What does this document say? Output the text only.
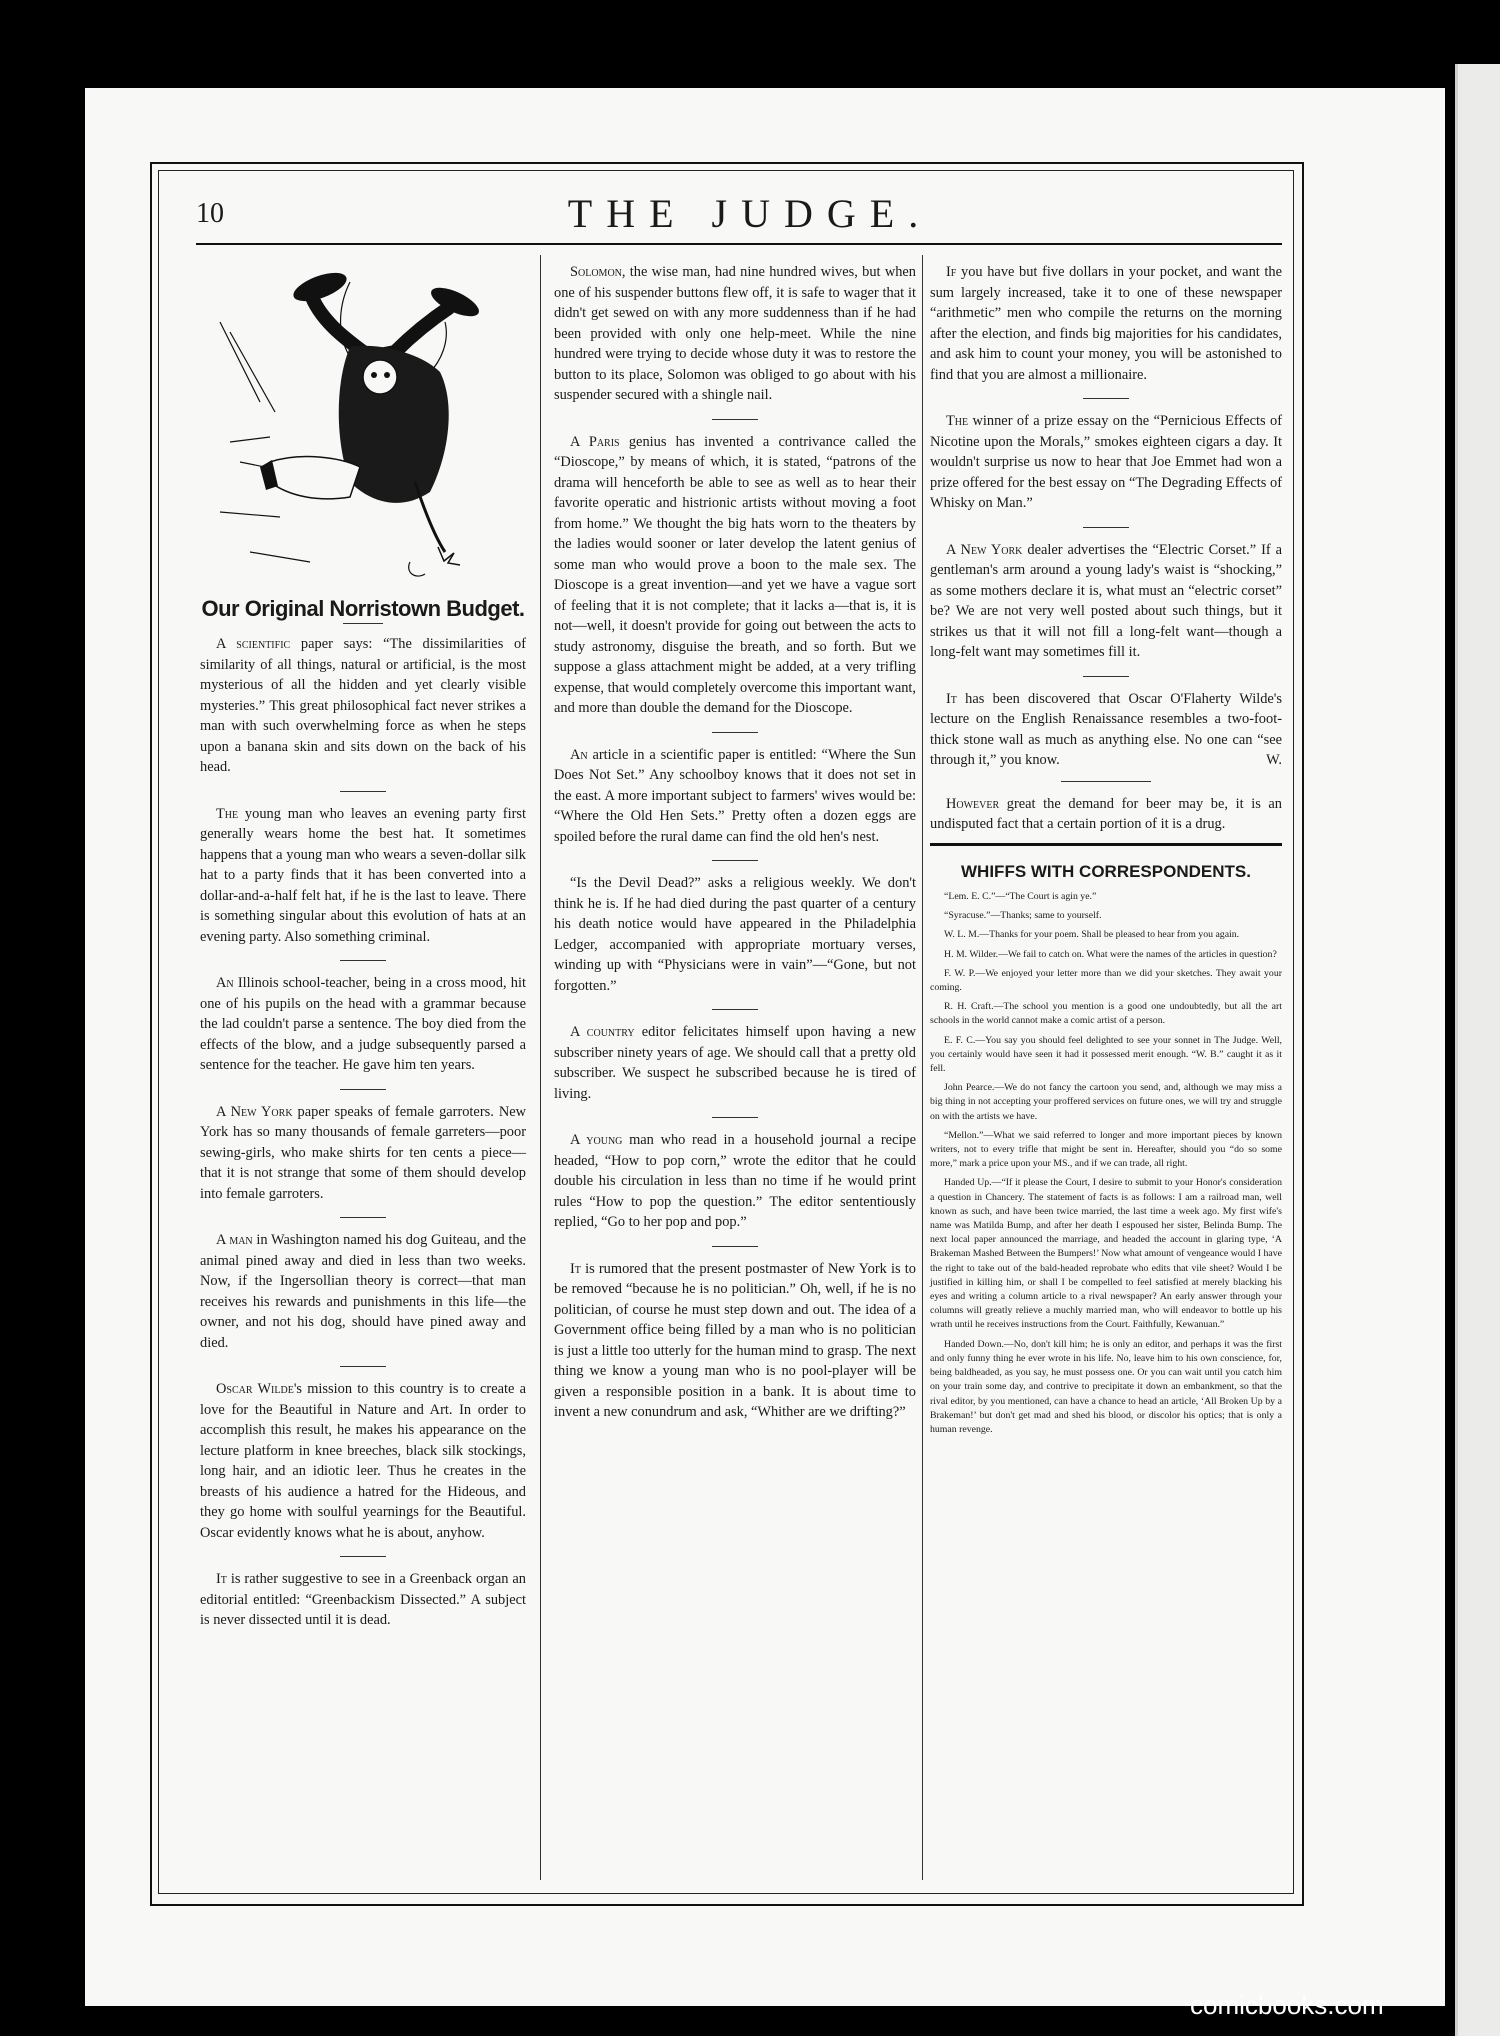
10	THE JUDGE.
Our Original Norristown Budget.

A scientific paper says: “The dissimilarities of similarity of all things, natural or artificial, is the most mysterious of all the hidden and yet clearly visible mysteries.” This great philosophical fact never strikes a man with such overwhelming force as when he steps upon a banana skin and sits down on the back of his head.

The young man who leaves an evening party first generally wears home the best hat. It sometimes happens that a young man who wears a seven-dollar silk hat to a party finds that it has been converted into a dollar-and-a-half felt hat, if he is the last to leave. There is something singular about this evolution of hats at an evening party. Also something criminal.

An Illinois school-teacher, being in a cross mood, hit one of his pupils on the head with a grammar because the lad couldn't parse a sentence. The boy died from the effects of the blow, and a judge subsequently parsed a sentence for the teacher. He gave him ten years.

A New York paper speaks of female garroters. New York has so many thousands of female garreters—poor sewing-girls, who make shirts for ten cents a piece—that it is not strange that some of them should develop into female garroters.

A man in Washington named his dog Guiteau, and the animal pined away and died in less than two weeks. Now, if the Ingersollian theory is correct—that man receives his rewards and punishments in this life—the owner, and not his dog, should have pined away and died.

Oscar Wilde's mission to this country is to create a love for the Beautiful in Nature and Art. In order to accomplish this result, he makes his appearance on the lecture platform in knee breeches, black silk stockings, long hair, and an idiotic leer. Thus he creates in the breasts of his audience a hatred for the Hideous, and they go home with soulful yearnings for the Beautiful. Oscar evidently knows what he is about, anyhow.

It is rather suggestive to see in a Greenback organ an editorial entitled: “Greenbackism Dissected.” A subject is never dissected until it is dead.

Solomon, the wise man, had nine hundred wives, but when one of his suspender buttons flew off, it is safe to wager that it didn't get sewed on with any more suddenness than if he had been provided with only one help-meet. While the nine hundred were trying to decide whose duty it was to restore the button to its place, Solomon was obliged to go about with his suspender secured with a shingle nail.

A Paris genius has invented a contrivance called the “Dioscope,” by means of which, it is stated, “patrons of the drama will henceforth be able to see as well as to hear their favorite operatic and histrionic artists without moving a foot from home.” We thought the big hats worn to the theaters by the ladies would sooner or later develop the latent genius of some man who would prove a boon to the male sex. The Dioscope is a great invention—and yet we have a vague sort of feeling that it is not complete; that it lacks a—that is, it is not—well, it doesn't provide for going out between the acts to study astronomy, disguise the breath, and so forth. But we suppose a glass attachment might be added, at a very trifling expense, that would completely overcome this important want, and more than double the demand for the Dioscope.

An article in a scientific paper is entitled: “Where the Sun Does Not Set.” Any schoolboy knows that it does not set in the east. A more important subject to farmers' wives would be: “Where the Old Hen Sets.” Pretty often a dozen eggs are spoiled before the rural dame can find the old hen's nest.

“Is the Devil Dead?” asks a religious weekly. We don't think he is. If he had died during the past quarter of a century his death notice would have appeared in the Philadelphia Ledger, accompanied with appropriate mortuary verses, winding up with “Physicians were in vain”—“Gone, but not forgotten.”

A country editor felicitates himself upon having a new subscriber ninety years of age. We should call that a pretty old subscriber. We suspect he subscribed because he is tired of living.

A young man who read in a household journal a recipe headed, “How to pop corn,” wrote the editor that he could double his circulation in less than no time if he would print rules “How to pop the question.” The editor sententiously replied, “Go to her pop and pop.”

It is rumored that the present postmaster of New York is to be removed “because he is no politician.” Oh, well, if he is no politician, of course he must step down and out. The idea of a Government office being filled by a man who is no politician is just a little too utterly for the human mind to grasp. The next thing we know a young man who is no pool-player will be given a responsible position in a bank. It is about time to invent a new conundrum and ask, “Whither are we drifting?”

If you have but five dollars in your pocket, and want the sum largely increased, take it to one of these newspaper “arithmetic” men who compile the returns on the morning after the election, and finds big majorities for his candidates, and ask him to count your money, you will be astonished to find that you are almost a millionaire.

The winner of a prize essay on the “Pernicious Effects of Nicotine upon the Morals,” smokes eighteen cigars a day. It wouldn't surprise us now to hear that Joe Emmet had won a prize offered for the best essay on “The Degrading Effects of Whisky on Man.”

A New York dealer advertises the “Electric Corset.” If a gentleman's arm around a young lady's waist is “shocking,” as some mothers declare it is, what must an “electric corset” be? We are not very well posted about such things, but it strikes us that it will not fill a long-felt want—though a long-felt want may sometimes fill it.

It has been discovered that Oscar O'Flaherty Wilde's lecture on the English Renaissance resembles a two-foot-thick stone wall as much as anything else. No one can “see through it,” you know.	W.

However great the demand for beer may be, it is an undisputed fact that a certain portion of it is a drug.

WHIFFS WITH CORRESPONDENTS.

“Lem. E. C.”—“The Court is agin ye.”

“Syracuse.”—Thanks; same to yourself.

W. L. M.—Thanks for your poem. Shall be pleased to hear from you again.

H. M. Wilder.—We fail to catch on. What were the names of the articles in question?

F. W. P.—We enjoyed your letter more than we did your sketches. They await your coming.

R. H. Craft.—The school you mention is a good one undoubtedly, but all the art schools in the world cannot make a comic artist of a person.

E. F. C.—You say you should feel delighted to see your sonnet in The Judge. Well, you certainly would have seen it had it possessed merit enough. “W. B.” caught it as it fell.

John Pearce.—We do not fancy the cartoon you send, and, although we may miss a big thing in not accepting your proffered services on future ones, we will try and struggle on with the artists we have.

“Mellon.”—What we said referred to longer and more important pieces by known writers, not to every trifle that might be sent in. Hereafter, should you “do so some more,” mark a price upon your MS., and if we can trade, all right.

Handed Up.—“If it please the Court, I desire to submit to your Honor's consideration a question in Chancery. The statement of facts is as follows: I am a railroad man, well known as such, and have been twice married, the last time a week ago. My first wife's name was Matilda Bump, and after her death I espoused her sister, Belinda Bump. The next local paper announced the marriage, and headed the account in glaring type, ‘A Brakeman Mashed Between the Bumpers!’ Now what amount of vengeance would I have the right to take out of the bald-headed reprobate who edits that vile sheet? Would I be justified in killing him, or shall I be compelled to feel satisfied at merely blacking his eyes and writing a column article to a rival newspaper? An early answer through your columns will greatly relieve a muchly married man, who will endeavor to bottle up his wrath until he receives instructions from the Court. Faithfully, Kewanuan.”

Handed Down.—No, don't kill him; he is only an editor, and perhaps it was the first and only funny thing he ever wrote in his life. No, leave him to his own conscience, for, being baldheaded, as you say, he must possess one. Or you can wait until you catch him on your train some day, and contrive to precipitate it down an embankment, so that the rival editor, by you mentioned, can have a chance to head an article, ‘All Broken Up by a Brakeman!’ but don't get mad and shed his blood, or discolor his optics; that is only a human revenge.

comicbooks.com
